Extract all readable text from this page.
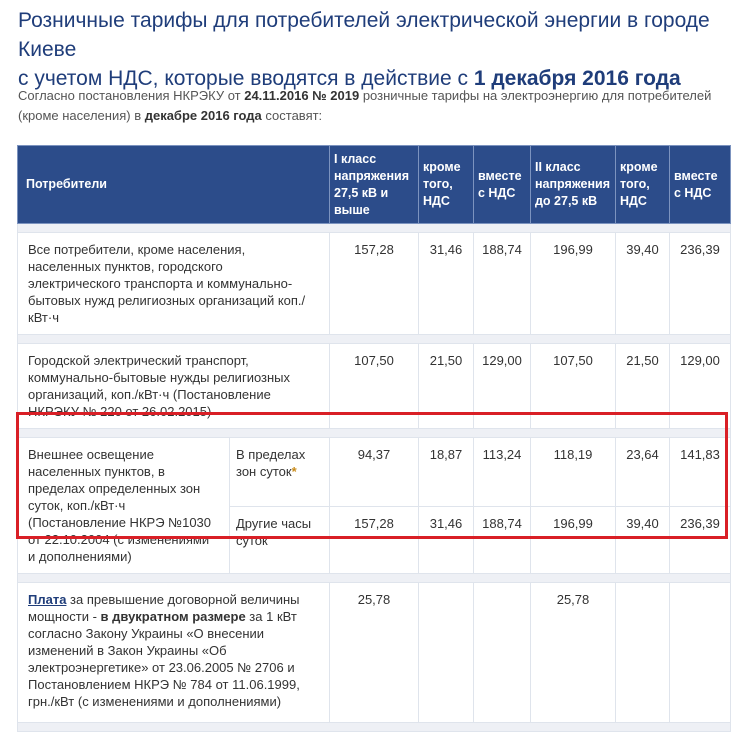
Розничные тарифы для потребителей электрической энергии в городе Киеве
с учетом НДС, которые вводятся в действие с 1 декабря 2016 года
Согласно постановления НКРЭКУ от 24.11.2016 № 2019 розничные тарифы на электроэнергию для потребителей (кроме населения) в декабре 2016 года составят:
Потребители		I класс напряжения 27,5 кВ и выше	кроме того, НДС	вместе с НДС	II класс напряжения до 27,5 кВ	кроме того, НДС	вместе с НДС

Все потребители, кроме населения, населенных пунктов, городского электрического транспорта и коммунально-бытовых нужд религиозных организаций коп./кВт·ч		157,28	31,46	188,74	196,99	39,40	236,39

Городской электрический транспорт, коммунально-бытовые нужды религиозных организаций, коп./кВт·ч (Постановление НКРЭКУ № 220 от 26.02.2015)		107,50	21,50	129,00	107,50	21,50	129,00

Внешнее освещение населенных пунктов, в пределах определенных зон суток, коп./кВт·ч (Постановление НКРЭ №1030 от 22.10.2004 (с изменениями и дополнениями)	В пределах зон суток*	94,37	18,87	113,24	118,19	23,64	141,83
	Другие часы суток	157,28	31,46	188,74	196,99	39,40	236,39

Плата за превышение договорной величины мощности - в двукратном размере за 1 кВт согласно Закону Украины «О внесении изменений в Закон Украины «Об электроэнергетике» от 23.06.2005 № 2706 и Постановлением НКРЭ № 784 от 11.06.1999, грн./кВт (с изменениями и дополнениями)		25,78			25,78		
